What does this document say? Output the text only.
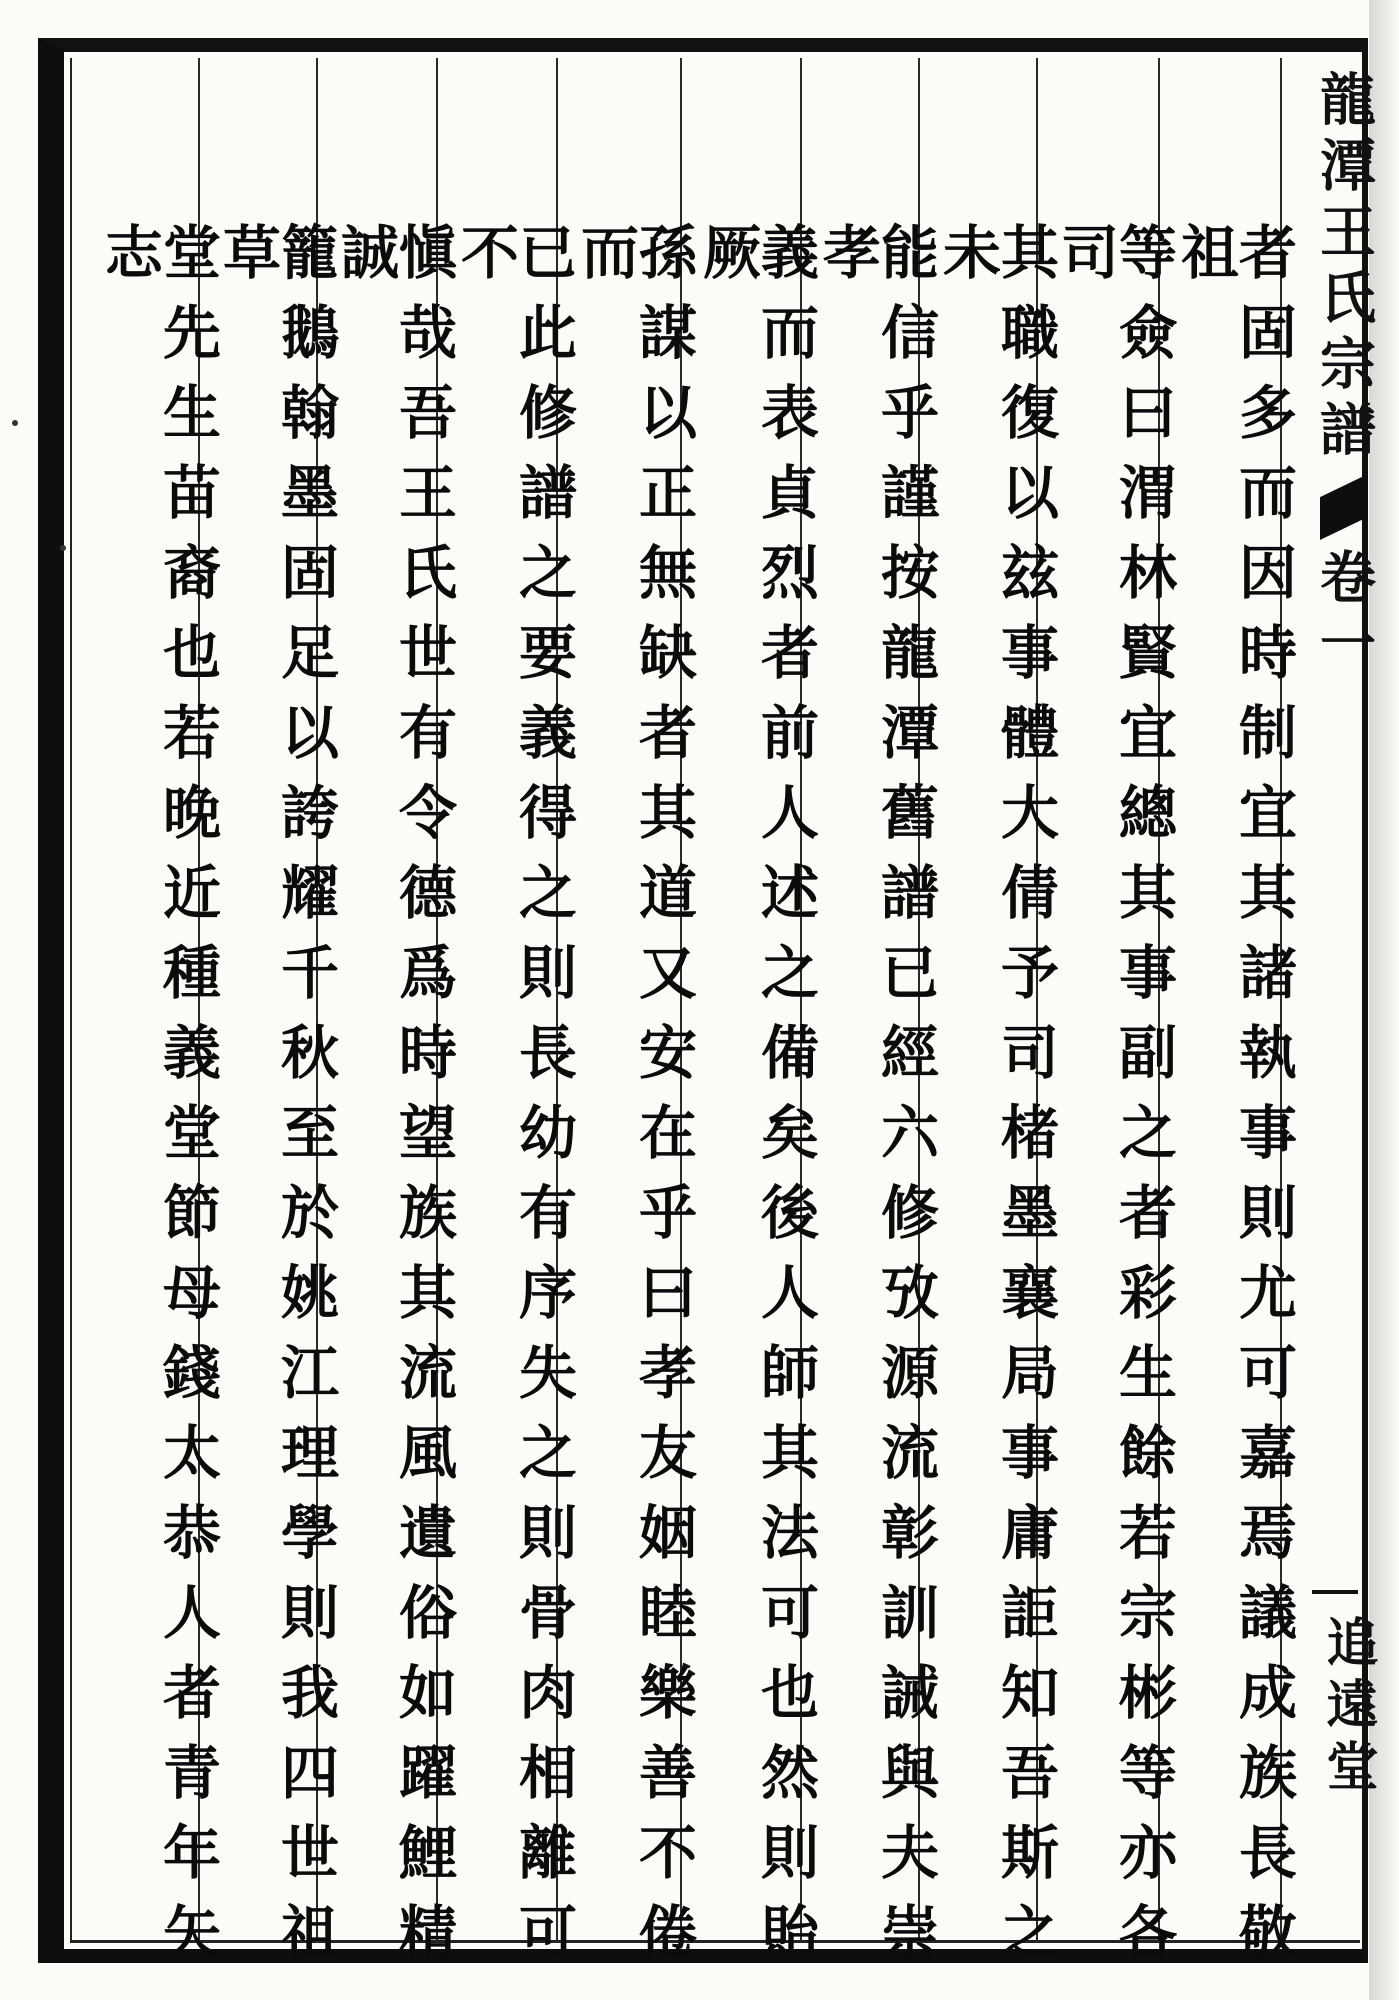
龍潭王氏宗譜卷一
追遠堂
者固多而因時制宜其諸執事則尤可嘉焉議成族長敬祖
等僉曰渭林賢宜總其事副之者彩生餘若宗彬等亦各司
其職復以玆事體大倩予司楮墨襄局事庸詎知吾斯之未
能信乎謹按龍潭舊譜已經六修攷源流彰訓誡與夫崇孝
義而表貞烈者前人述之備矣後人師其法可也然則貽厥
孫謀以正無缺者其道又安在乎曰孝友姻睦樂善不倦而
已此修譜之要義得之則長幼有序失之則骨肉相離可不
愼哉吾王氏世有令德爲時望族其流風遺俗如躍鯉精誠
籠鵝翰墨固足以誇耀千秋至於姚江理學則我四世祖草
堂先生苗裔也若晚近種義堂節母錢太恭人者青年矢志
